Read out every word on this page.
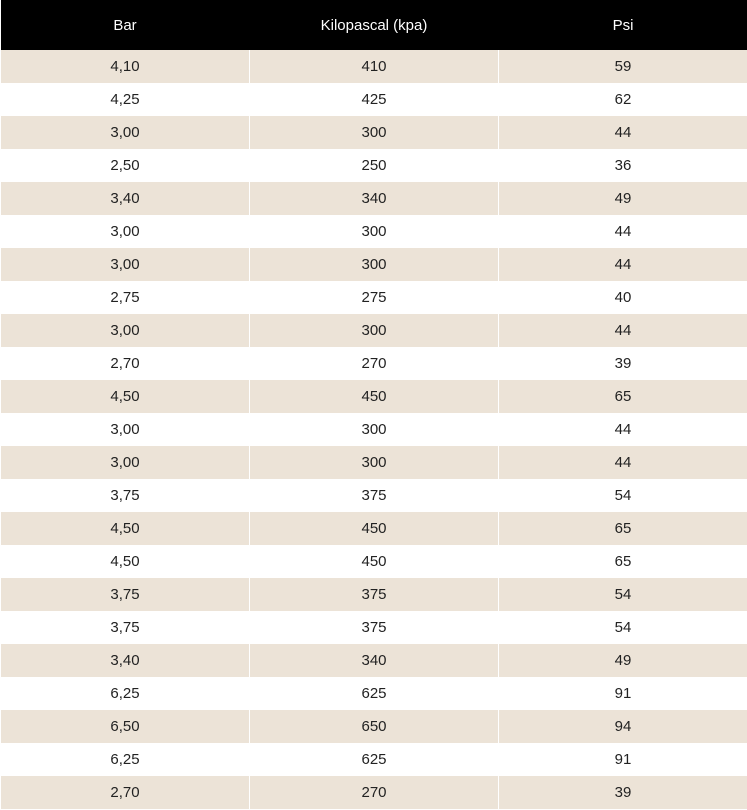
Bar	Kilopascal (kpa)	Psi
4,10	410	59
4,25	425	62
3,00	300	44
2,50	250	36
3,40	340	49
3,00	300	44
3,00	300	44
2,75	275	40
3,00	300	44
2,70	270	39
4,50	450	65
3,00	300	44
3,00	300	44
3,75	375	54
4,50	450	65
4,50	450	65
3,75	375	54
3,75	375	54
3,40	340	49
6,25	625	91
6,50	650	94
6,25	625	91
2,70	270	39
